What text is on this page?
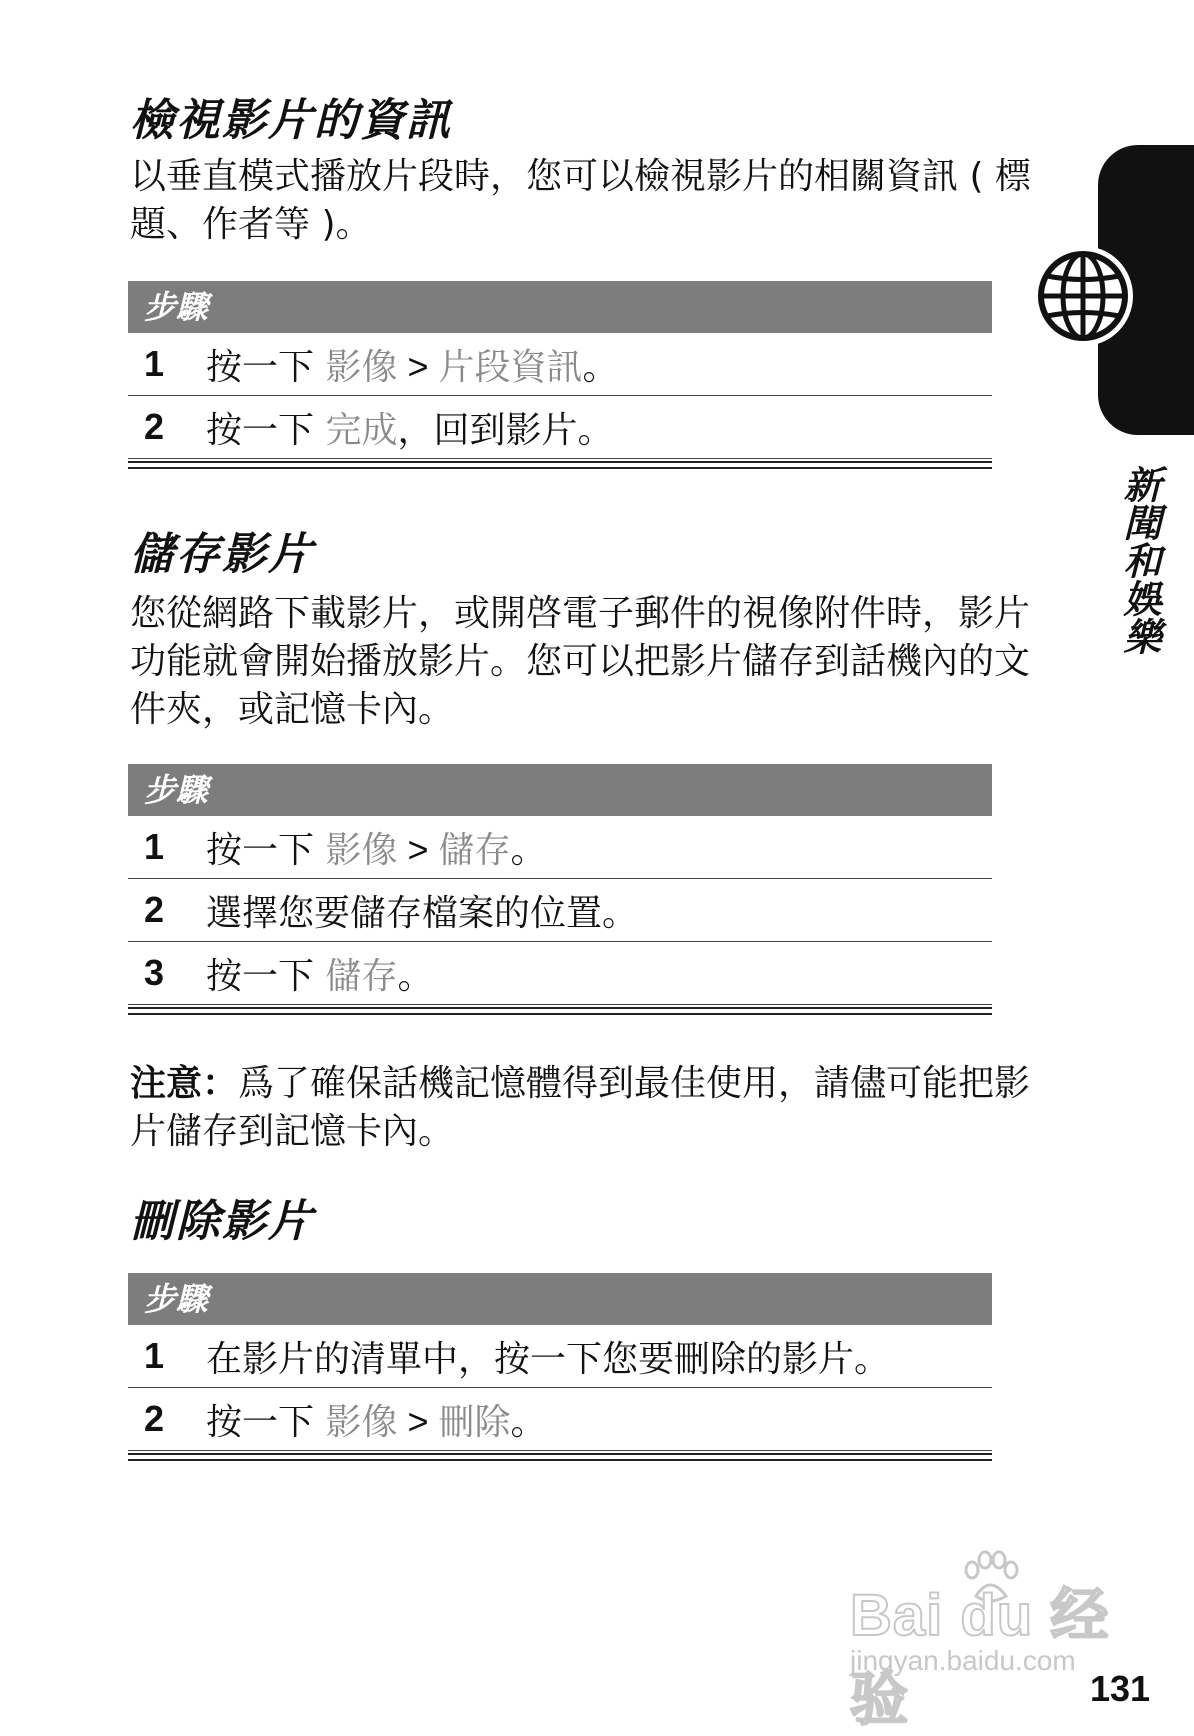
檢視影片的資訊

以垂直模式播放片段時，您可以檢視影片的相關資訊 ( 標題、作者等 )。

步驟
1	按一下 影像 > 片段資訊。
2	按一下 完成，回到影片。
儲存影片

您從網路下載影片，或開啓電子郵件的視像附件時，影片功能就會開始播放影片。您可以把影片儲存到話機內的文件夾，或記憶卡內。

步驟
1	按一下 影像 > 儲存。
2	選擇您要儲存檔案的位置。
3	按一下 儲存。

注意：爲了確保話機記憶體得到最佳使用，請儘可能把影片儲存到記憶卡內。

刪除影片
步驟
1	在影片的清單中，按一下您要刪除的影片。
2	按一下 影像 > 刪除。
新聞和娛樂
Bai du 经验
jingyan.baidu.com
131
